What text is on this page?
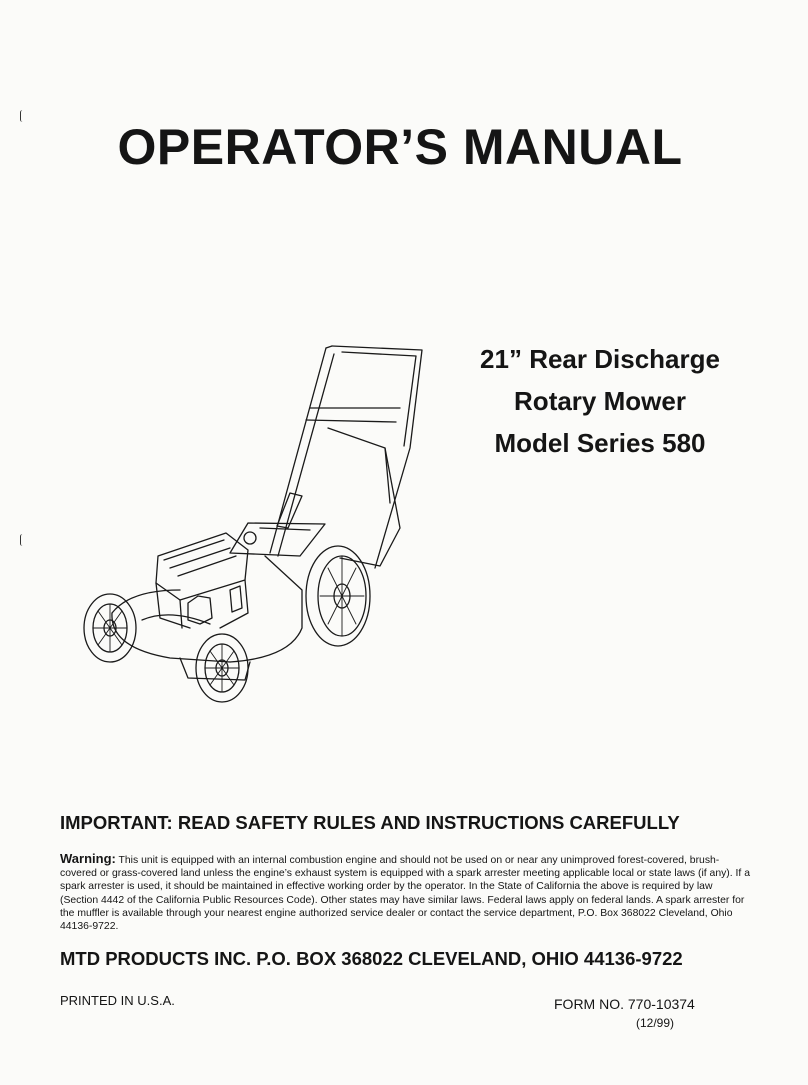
OPERATOR’S MANUAL
21” Rear Discharge
Rotary Mower
Model Series 580
IMPORTANT: READ SAFETY RULES AND INSTRUCTIONS CAREFULLY

Warning: This unit is equipped with an internal combustion engine and should not be used on or near any unimproved forest-covered, brush-covered or grass-covered land unless the engine’s exhaust system is equipped with a spark arrester meeting applicable local or state laws (if any). If a spark arrester is used, it should be maintained in effective working order by the operator. In the State of California the above is required by law (Section 4442 of the California Public Resources Code). Other states may have similar laws. Federal laws apply on federal lands. A spark arrester for the muffler is available through your nearest engine authorized service dealer or contact the service department, P.O. Box 368022 Cleveland, Ohio 44136-9722.

MTD PRODUCTS INC. P.O. BOX 368022 CLEVELAND, OHIO 44136-9722
PRINTED IN U.S.A.	FORM NO. 770-10374
(12/99)
